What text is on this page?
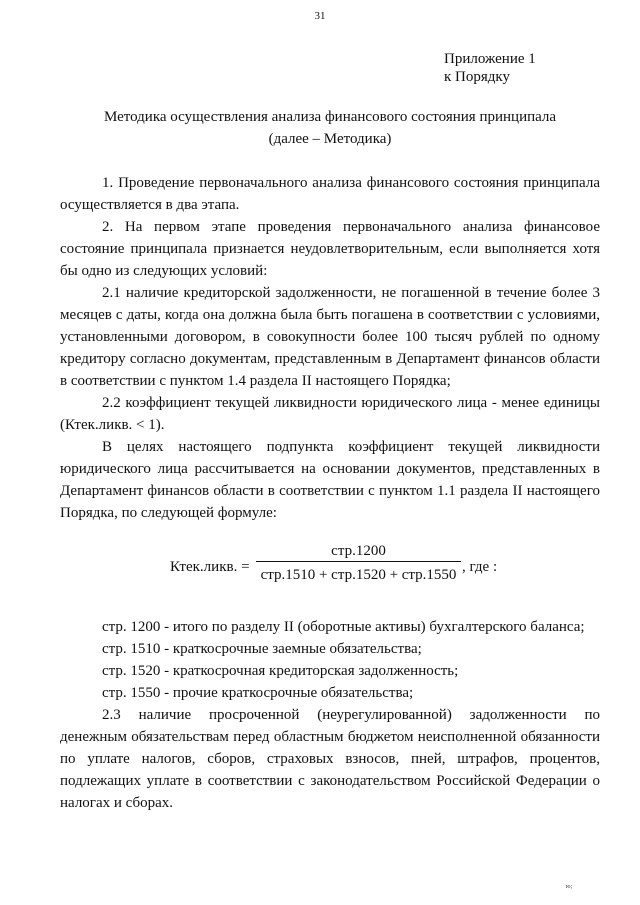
31
Приложение 1
к Порядку
Методика осуществления анализа финансового состояния принципала
(далее – Методика)

1. Проведение первоначального анализа финансового состояния принципала осуществляется в два этапа.

2. На первом этапе проведения первоначального анализа финансовое состояние принципала признается неудовлетворительным, если выполняется хотя бы одно из следующих условий:

2.1 наличие кредиторской задолженности, не погашенной в течение более 3 месяцев с даты, когда она должна была быть погашена в соответствии с условиями, установленными договором, в совокупности более 100 тысяч рублей по одному кредитору согласно документам, представленным в Департамент финансов области в соответствии с пунктом 1.4 раздела II настоящего Порядка;

2.2 коэффициент текущей ликвидности юридического лица - менее единицы (Ктек.ликв. < 1).

В целях настоящего подпункта коэффициент текущей ликвидности юридического лица рассчитывается на основании документов, представленных в Департамент финансов области в соответствии с пунктом 1.1 раздела II настоящего Порядка, по следующей формуле:

Ктек.ликв. =
стр.1200
стр.1510 + стр.1520 + стр.1550 , где :

стр. 1200 - итого по разделу II (оборотные активы) бухгалтерского баланса;

стр. 1510 - краткосрочные заемные обязательства;

стр. 1520 - краткосрочная кредиторская задолженность;

стр. 1550 - прочие краткосрочные обязательства;

2.3 наличие просроченной (неурегулированной) задолженности по денежным обязательствам перед областным бюджетом неисполненной обязанности по уплате налогов, сборов, страховых взносов, пней, штрафов, процентов, подлежащих уплате в соответствии с законодательством Российской Федерации о налогах и сборах.

ю;
